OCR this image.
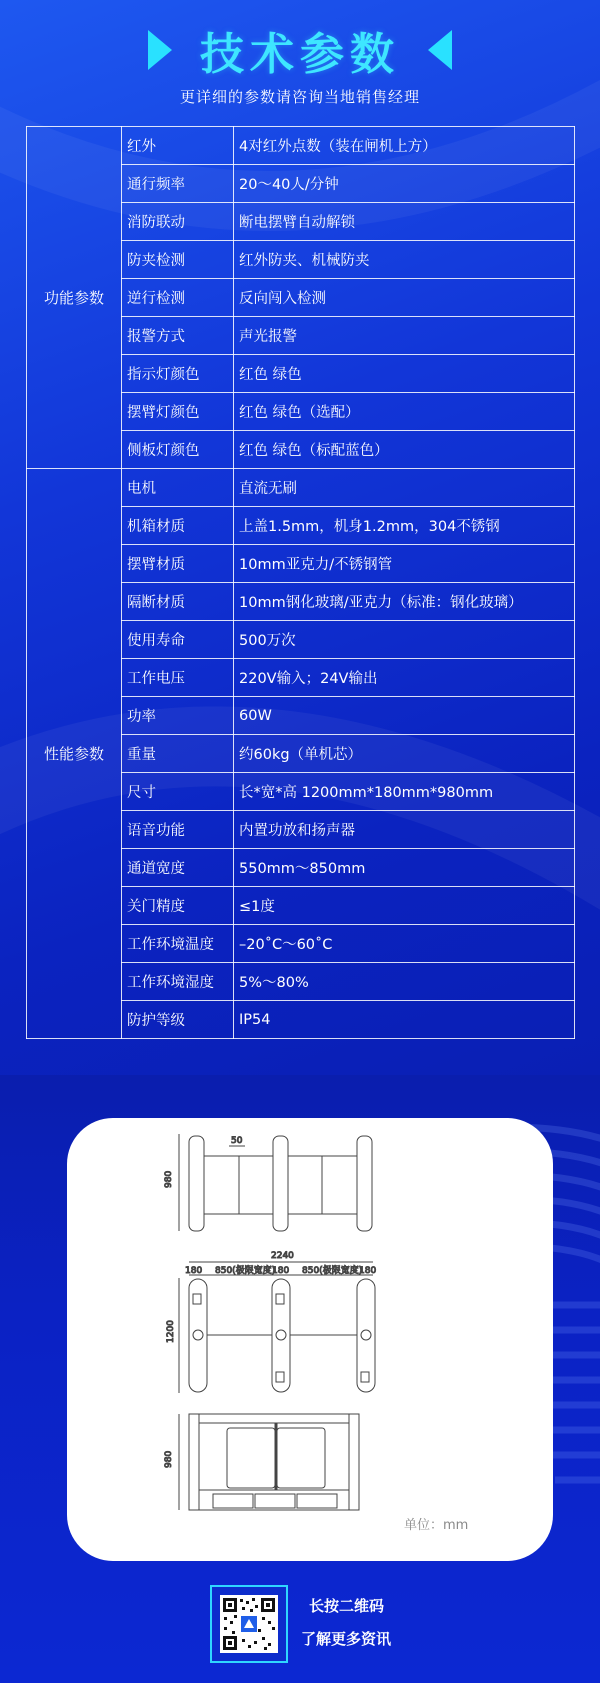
技术参数
更详细的参数请咨询当地销售经理
功能参数	红外	4对红外点数（装在闸机上方）
	通行频率	20～40人/分钟
	消防联动	断电摆臂自动解锁
	防夹检测	红外防夹、机械防夹
	逆行检测	反向闯入检测
	报警方式	声光报警
	指示灯颜色	红色 绿色
	摆臂灯颜色	红色 绿色（选配）
	侧板灯颜色	红色 绿色（标配蓝色）
性能参数	电机	直流无刷
	机箱材质	上盖1.5mm，机身1.2mm，304不锈钢
	摆臂材质	10mm亚克力/不锈钢管
	隔断材质	10mm钢化玻璃/亚克力（标准：钢化玻璃）
	使用寿命	500万次
	工作电压	220V输入；24V输出
	功率	60W
	重量	约60kg（单机芯）
	尺寸	长*宽*高 1200mm*180mm*980mm
	语音功能	内置功放和扬声器
	通道宽度	550mm～850mm
	关门精度	≤1度
	工作环境温度	–20˚C～60˚C
	工作环境湿度	5%～80%
	防护等级	IP54
980
50
2240
180 850(极限宽度)
180 850(极限宽度)
180
1200
980
单位：mm
长按二维码
了解更多资讯
